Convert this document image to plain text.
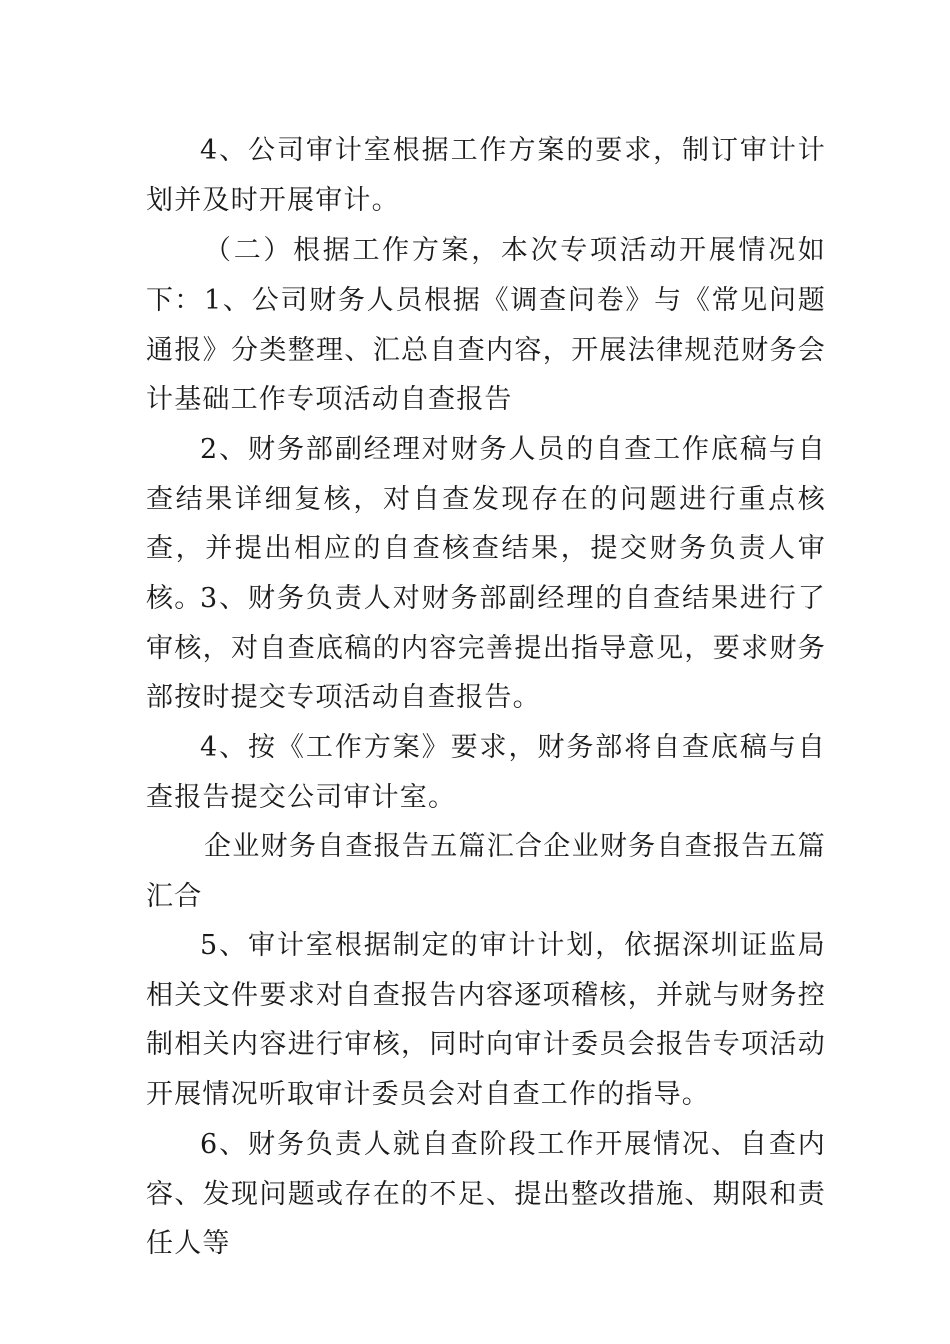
4、公司审计室根据工作方案的要求，制订审计计划并及时开展审计。

（二）根据工作方案，本次专项活动开展情况如下： 1、公司财务人员根据《调查问卷》与《常见问题通报》分类整理、汇总自查内容，开展法律规范财务会计基础工作专项活动自查报告

2、财务部副经理对财务人员的自查工作底稿与自查结果详细复核，对自查发现存在的问题进行重点核查，并提出相应的自查核查结果，提交财务负责人审核。

3、财务负责人对财务部副经理的自查结果进行了审核，对自查底稿的内容完善提出指导意见，要求财务部按时提交专项活动自查报告。

4、按《工作方案》要求，财务部将自查底稿与自查报告提交公司审计室。

企业财务自查报告五篇汇合企业财务自查报告五篇汇合

5、审计室根据制定的审计计划，依据深圳证监局相关文件要求对自查报告内容逐项稽核，并就与财务控制相关内容进行审核，同时向审计委员会报告专项活动开展情况听取审计委员会对自查工作的指导。

6、财务负责人就自查阶段工作开展情况、自查内容、发现问题或存在的不足、提出整改措施、期限和责任人等
